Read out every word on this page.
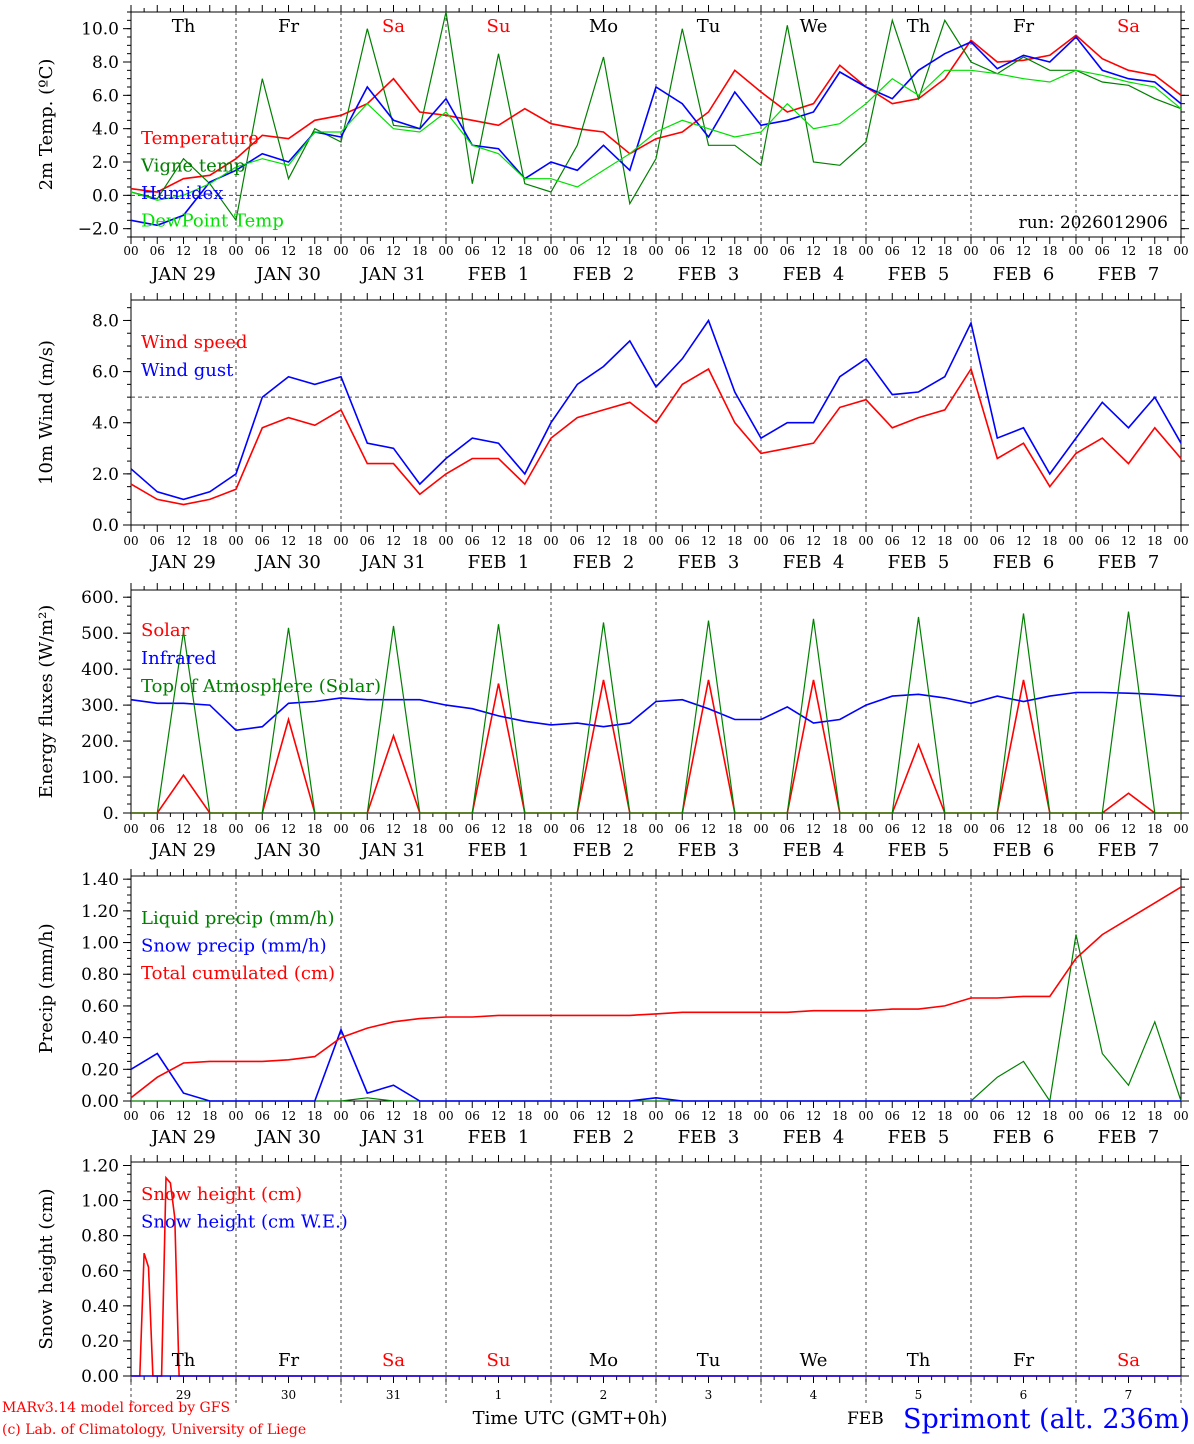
−2.0
0.0
2.0
4.0
6.0
8.0
10.0
2m Temp. (ºC)
00 06 12 18 00 06 12 18 00 06 12 18 00 06 12 18 00 06 12 18 00 06 12 18 00 06 12 18 00 06 12 18 00 06 12 18 00 06 12 18 00
JAN 29 JAN 30 JAN 31 FEB  1 FEB  2 FEB  3 FEB  4 FEB  5 FEB  6 FEB  7
Th	Fr	Sa	Su	Mo	Tu	We	Th	Fr	Sa
Temperature
Vigne temp
Humidex
DewPoint Temp	run: 2026012906
0.0
2.0
4.0
6.0
8.0
10m Wind (m/s)
00 06 12 18 00 06 12 18 00 06 12 18 00 06 12 18 00 06 12 18 00 06 12 18 00 06 12 18 00 06 12 18 00 06 12 18 00 06 12 18 00
JAN 29 JAN 30 JAN 31 FEB  1 FEB  2 FEB  3 FEB  4 FEB  5 FEB  6 FEB  7
Wind speed
Wind gust
0.
100.
200.
300.
400.
500.
600.
Energy fluxes (W/m²)
00 06 12 18 00 06 12 18 00 06 12 18 00 06 12 18 00 06 12 18 00 06 12 18 00 06 12 18 00 06 12 18 00 06 12 18 00 06 12 18 00
JAN 29 JAN 30 JAN 31 FEB  1 FEB  2 FEB  3 FEB  4 FEB  5 FEB  6 FEB  7
Solar
Infrared
Top of Atmosphere (Solar)
0.00
0.20
0.40
0.60
0.80
1.00
1.20
1.40
Precip (mm/h)
00 06 12 18 00 06 12 18 00 06 12 18 00 06 12 18 00 06 12 18 00 06 12 18 00 06 12 18 00 06 12 18 00 06 12 18 00 06 12 18 00
JAN 29 JAN 30 JAN 31 FEB  1 FEB  2 FEB  3 FEB  4 FEB  5 FEB  6 FEB  7
Liquid precip (mm/h)
Snow precip (mm/h)
Total cumulated (cm)
0.00
0.20
0.40
0.60
0.80
1.00
1.20
Snow height (cm)	Snow height (cm)
Snow height (cm W.E.)
Th	Fr	Sa	Su	Mo	Tu	We	Th	Fr	Sa
29	30	31	1	2	3	4	5	6	7
Time UTC (GMT+0h)	FEB
MARv3.14 model forced by GFS
(c) Lab. of Climatology, University of Liege	Sprimont (alt. 236m)
